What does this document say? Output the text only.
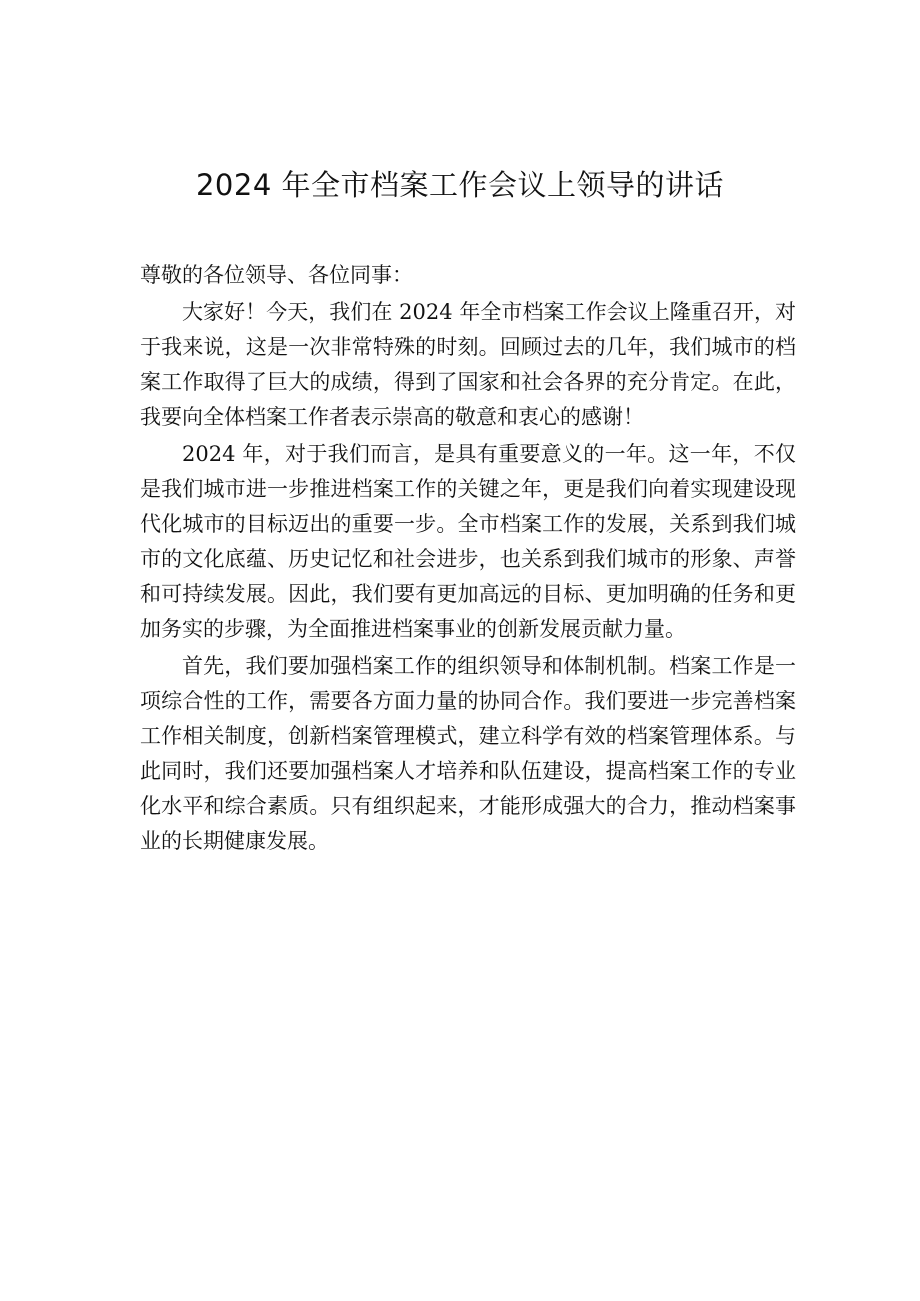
2024 年全市档案工作会议上领导的讲话

尊敬的各位领导、各位同事：

大家好！今天，我们在 2024 年全市档案工作会议上隆重召开，对于我来说，这是一次非常特殊的时刻。回顾过去的几年，我们城市的档案工作取得了巨大的成绩，得到了国家和社会各界的充分肯定。在此，我要向全体档案工作者表示崇高的敬意和衷心的感谢！

2024 年，对于我们而言，是具有重要意义的一年。这一年，不仅是我们城市进一步推进档案工作的关键之年，更是我们向着实现建设现代化城市的目标迈出的重要一步。全市档案工作的发展，关系到我们城市的文化底蕴、历史记忆和社会进步，也关系到我们城市的形象、声誉和可持续发展。因此，我们要有更加高远的目标、更加明确的任务和更加务实的步骤，为全面推进档案事业的创新发展贡献力量。

首先，我们要加强档案工作的组织领导和体制机制。档案工作是一项综合性的工作，需要各方面力量的协同合作。我们要进一步完善档案工作相关制度，创新档案管理模式，建立科学有效的档案管理体系。与此同时，我们还要加强档案人才培养和队伍建设，提高档案工作的专业化水平和综合素质。只有组织起来，才能形成强大的合力，推动档案事业的长期健康发展。
